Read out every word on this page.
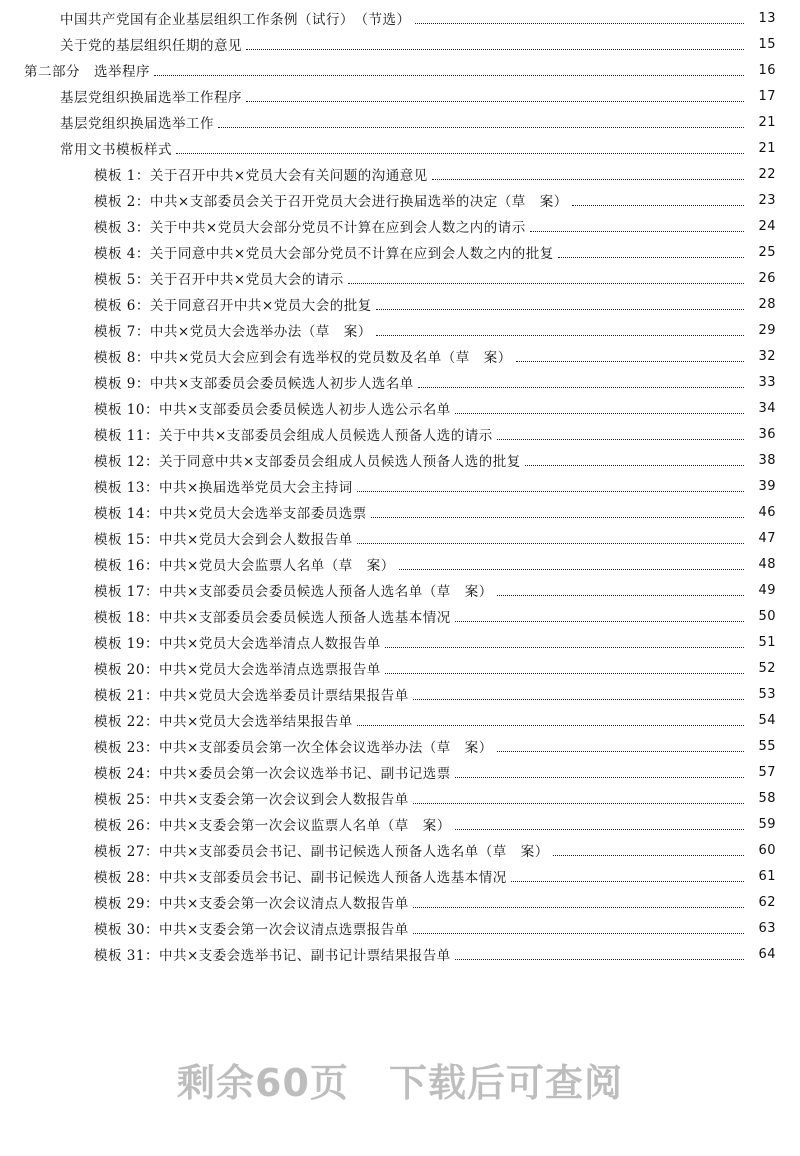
中国共产党国有企业基层组织工作条例（试行）　（节选）	13
关于党的基层组织任期的意见	15
第二部分　选举程序	16
基层党组织换届选举工作程序	17
基层党组织换届选举工作	21
常用文书模板样式	21
模板 1：关于召开中共×党员大会有关问题的沟通意见	22
模板 2：中共×支部委员会关于召开党员大会进行换届选举的决定（草　案）	23
模板 3：关于中共×党员大会部分党员不计算在应到会人数之内的请示	24
模板 4：关于同意中共×党员大会部分党员不计算在应到会人数之内的批复	25
模板 5：关于召开中共×党员大会的请示	26
模板 6：关于同意召开中共×党员大会的批复	28
模板 7：中共×党员大会选举办法（草　案）	29
模板 8：中共×党员大会应到会有选举权的党员数及名单（草　案）	32
模板 9：中共×支部委员会委员候选人初步人选名单	33
模板 10：中共×支部委员会委员候选人初步人选公示名单	34
模板 11：关于中共×支部委员会组成人员候选人预备人选的请示	36
模板 12：关于同意中共×支部委员会组成人员候选人预备人选的批复	38
模板 13：中共×换届选举党员大会主持词	39
模板 14：中共×党员大会选举支部委员选票	46
模板 15：中共×党员大会到会人数报告单	47
模板 16：中共×党员大会监票人名单（草　案）	48
模板 17：中共×支部委员会委员候选人预备人选名单（草　案）	49
模板 18：中共×支部委员会委员候选人预备人选基本情况	50
模板 19：中共×党员大会选举清点人数报告单	51
模板 20：中共×党员大会选举清点选票报告单	52
模板 21：中共×党员大会选举委员计票结果报告单	53
模板 22：中共×党员大会选举结果报告单	54
模板 23：中共×支部委员会第一次全体会议选举办法（草　案）	55
模板 24：中共×委员会第一次会议选举书记、副书记选票	57
模板 25：中共×支委会第一次会议到会人数报告单	58
模板 26：中共×支委会第一次会议监票人名单（草　案）	59
模板 27：中共×支部委员会书记、副书记候选人预备人选名单（草　案）	60
模板 28：中共×支部委员会书记、副书记候选人预备人选基本情况	61
模板 29：中共×支委会第一次会议清点人数报告单	62
模板 30：中共×支委会第一次会议清点选票报告单	63
模板 31：中共×支委会选举书记、副书记计票结果报告单	64
剩余60页 下载后可查阅
